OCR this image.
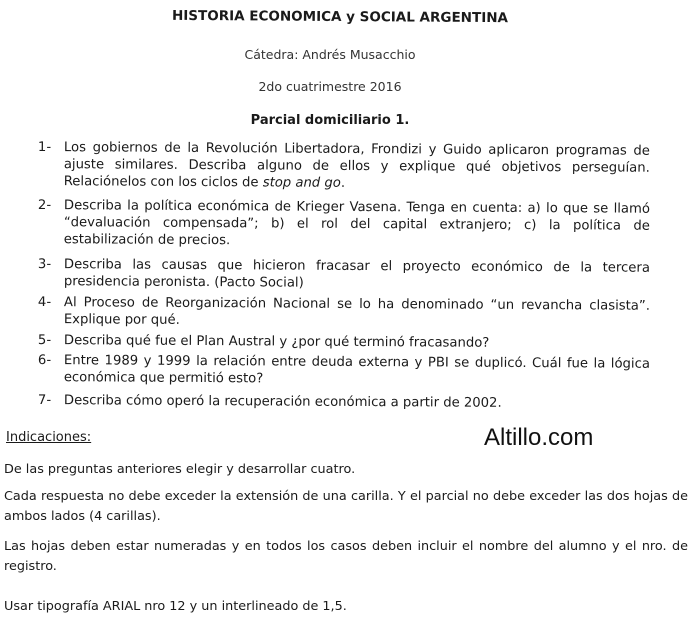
HISTORIA ECONOMICA y SOCIAL ARGENTINA
Cátedra: Andrés Musacchio
2do cuatrimestre 2016
Parcial domiciliario 1.
1- Los gobiernos de la Revolución Libertadora, Frondizi y Guido aplicaron programas de ajuste similares. Describa alguno de ellos y explique qué objetivos perseguían. Relaciónelos con los ciclos de stop and go.
2- Describa la política económica de Krieger Vasena. Tenga en cuenta: a) lo que se llamó “devaluación compensada”; b) el rol del capital extranjero; c) la política de estabilización de precios.
3- Describa las causas que hicieron fracasar el proyecto económico de la tercera presidencia peronista. (Pacto Social)
4- Al Proceso de Reorganización Nacional se lo ha denominado “un revancha clasista”. Explique por qué.
5- Describa qué fue el Plan Austral y ¿por qué terminó fracasando?
6- Entre 1989 y 1999 la relación entre deuda externa y PBI se duplicó. Cuál fue la lógica económica que permitió esto?
7- Describa cómo operó la recuperación económica a partir de 2002.
Indicaciones:	Altillo.com
De las preguntas anteriores elegir y desarrollar cuatro.
Cada respuesta no debe exceder la extensión de una carilla. Y el parcial no debe exceder las dos hojas de ambos lados (4 carillas).
Las hojas deben estar numeradas y en todos los casos deben incluir el nombre del alumno y el nro. de registro.
Usar tipografía ARIAL nro 12 y un interlineado de 1,5.
